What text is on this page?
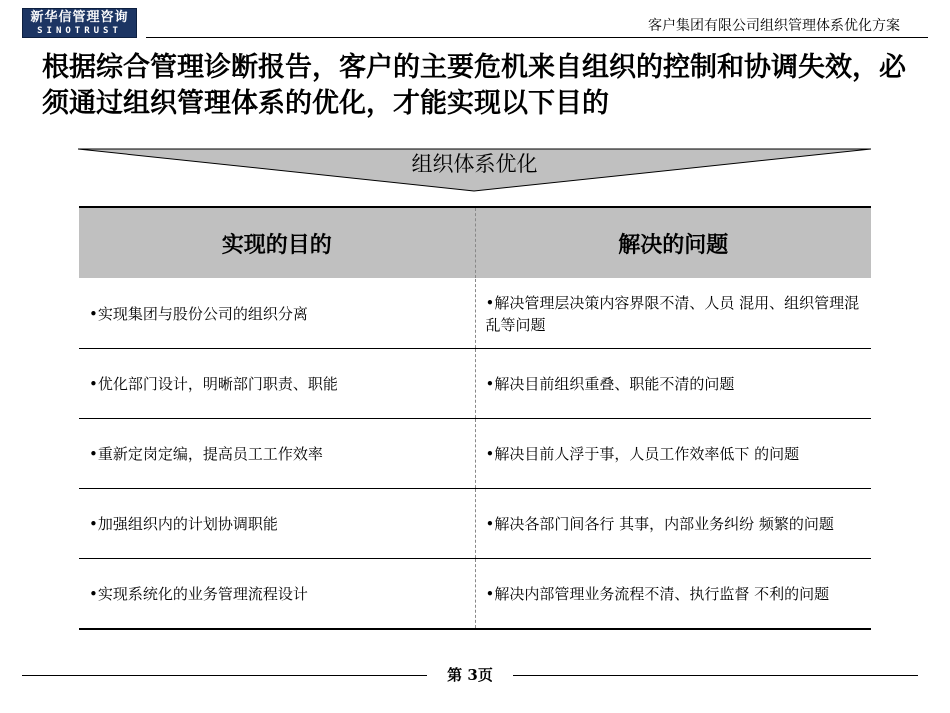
新华信管理咨询
SINOTRUST	客户集团有限公司组织管理体系优化方案
根据综合管理诊断报告，客户的主要危机来自组织的控制和协调失效，必须通过组织管理体系的优化，才能实现以下目的
组织体系优化
实现的目的	解决的问题
•实现集团与股份公司的组织分离	•解决管理层决策内容界限不清、人员 混用、组织管理混乱等问题
•优化部门设计，明晰部门职责、职能	•解决目前组织重叠、职能不清的问题
•重新定岗定编，提高员工工作效率	•解决目前人浮于事，人员工作效率低下 的问题
•加强组织内的计划协调职能	•解决各部门间各行 其事，内部业务纠纷 频繁的问题
•实现系统化的业务管理流程设计	•解决内部管理业务流程不清、执行监督 不利的问题
第 3页
